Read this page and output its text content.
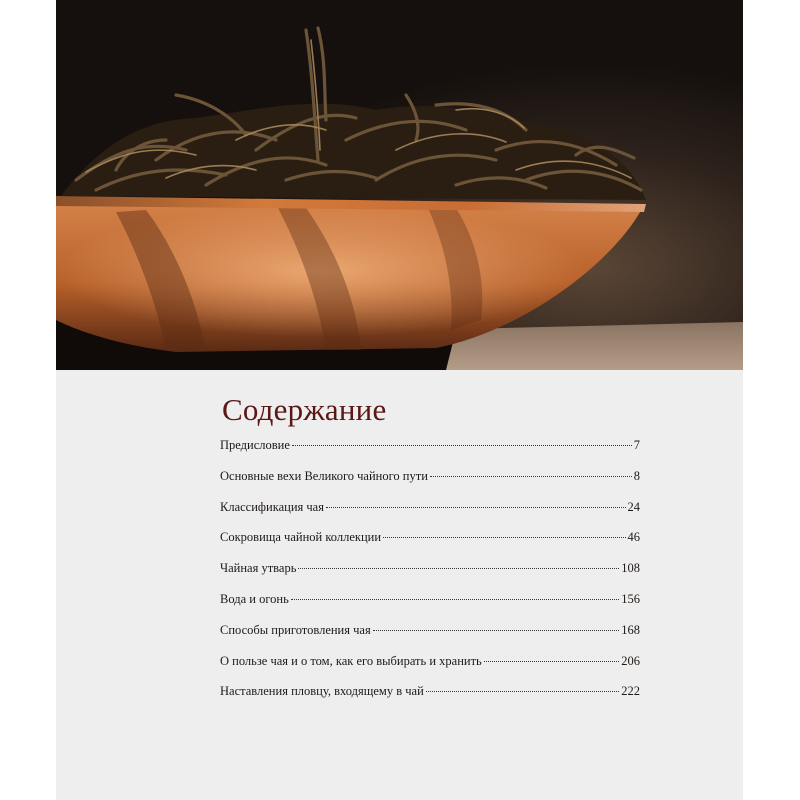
Содержание
Предисловие	7
Основные вехи Великого чайного пути	8
Классификация чая	24
Сокровища чайной коллекции	46
Чайная утварь	108
Вода и огонь	156
Способы приготовления чая	168
О пользе чая и о том, как его выбирать и хранить	206
Наставления пловцу, входящему в чай	222
